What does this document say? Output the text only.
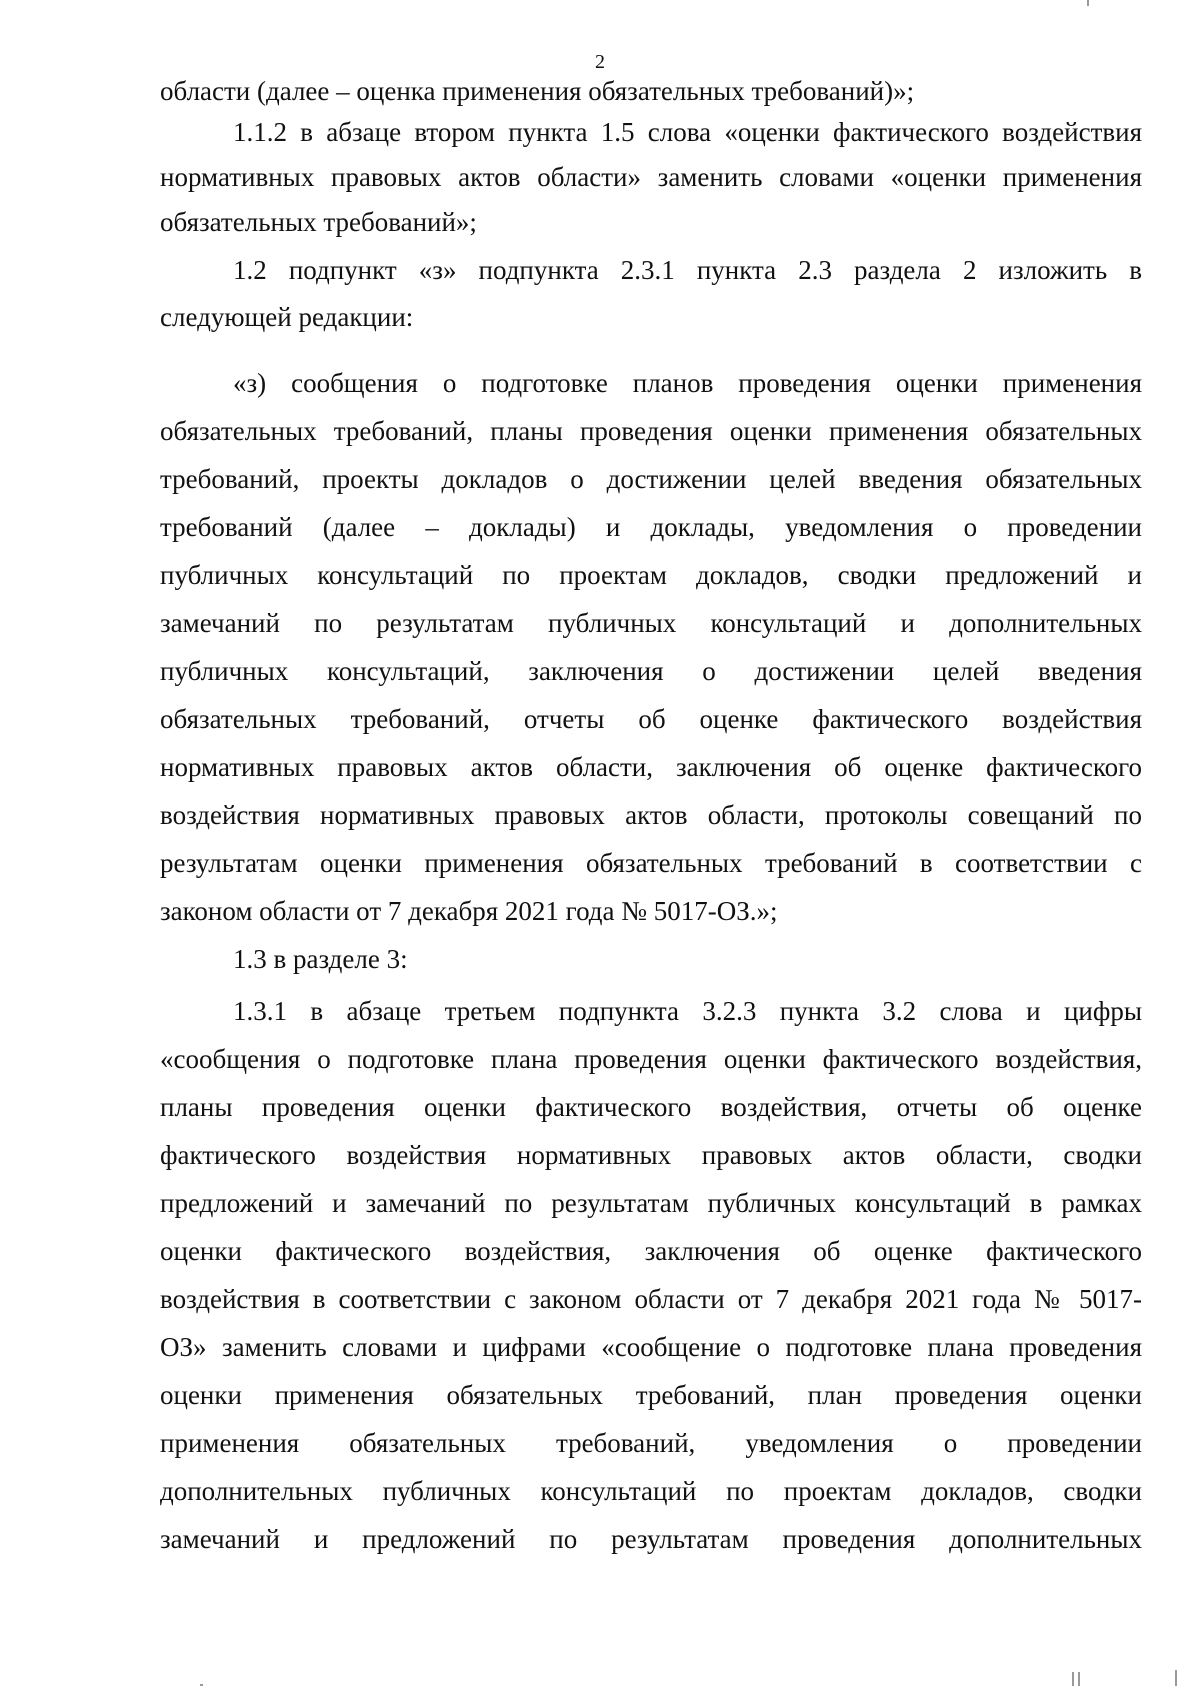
2
области (далее – оценка применения обязательных требований)»;
1.1.2 в абзаце втором пункта 1.5 слова «оценки фактического воздействия
нормативных правовых актов области» заменить словами «оценки применения
обязательных требований»;
1.2 подпункт «з» подпункта 2.3.1 пункта 2.3 раздела 2 изложить в
следующей редакции:
«з) сообщения о подготовке планов проведения оценки применения
обязательных требований, планы проведения оценки применения обязательных
требований, проекты докладов о достижении целей введения обязательных
требований (далее – доклады) и доклады, уведомления о проведении
публичных консультаций по проектам докладов, сводки предложений и
замечаний по результатам публичных консультаций и дополнительных
публичных консультаций, заключения о достижении целей введения
обязательных требований, отчеты об оценке фактического воздействия
нормативных правовых актов области, заключения об оценке фактического
воздействия нормативных правовых актов области, протоколы совещаний по
результатам оценки применения обязательных требований в соответствии с
законом области от 7 декабря 2021 года № 5017-ОЗ.»;
1.3 в разделе 3:
1.3.1 в абзаце третьем подпункта 3.2.3 пункта 3.2 слова и цифры
«сообщения о подготовке плана проведения оценки фактического воздействия,
планы проведения оценки фактического воздействия, отчеты об оценке
фактического воздействия нормативных правовых актов области, сводки
предложений и замечаний по результатам публичных консультаций в рамках
оценки фактического воздействия, заключения об оценке фактического
воздействия в соответствии с законом области от 7 декабря 2021 года № 5017-
ОЗ» заменить словами и цифрами «сообщение о подготовке плана проведения
оценки применения обязательных требований, план проведения оценки
применения обязательных требований, уведомления о проведении
дополнительных публичных консультаций по проектам докладов, сводки
замечаний и предложений по результатам проведения дополнительных
